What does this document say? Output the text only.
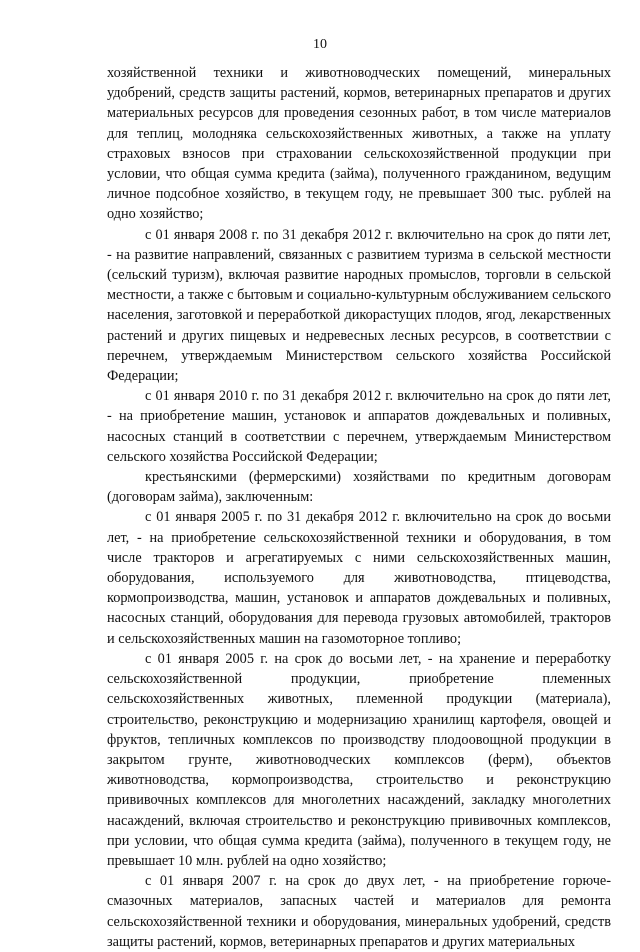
10

хозяйственной техники и животноводческих помещений, минеральных удобрений, средств защиты растений, кормов, ветеринарных препаратов и других материальных ресурсов для проведения сезонных работ, в том числе материалов для теплиц, молодняка сельскохозяйственных животных, а также на уплату страховых взносов при страховании сельскохозяйственной продукции при условии, что общая сумма кредита (займа), полученного гражданином, ведущим личное подсобное хозяйство, в текущем году, не превышает 300 тыс. рублей на одно хозяйство;

с 01 января 2008 г. по 31 декабря 2012 г. включительно на срок до пяти лет, - на развитие направлений, связанных с развитием туризма в сельской местности (сельский туризм), включая развитие народных промыслов, торговли в сельской местности, а также с бытовым и социально-культурным обслуживанием сельского населения, заготовкой и переработкой дикорастущих плодов, ягод, лекарственных растений и других пищевых и недревесных лесных ресурсов, в соответствии с перечнем, утверждаемым Министерством сельского хозяйства Российской Федерации;

с 01 января 2010 г. по 31 декабря 2012 г. включительно на срок до пяти лет, - на приобретение машин, установок и аппаратов дождевальных и поливных, насосных станций в соответствии с перечнем, утверждаемым Министерством сельского хозяйства Российской Федерации;

крестьянскими (фермерскими) хозяйствами по кредитным договорам (договорам займа), заключенным:

с 01 января 2005 г. по 31 декабря 2012 г. включительно на срок до восьми лет, - на приобретение сельскохозяйственной техники и оборудования, в том числе тракторов и агрегатируемых с ними сельскохозяйственных машин, оборудования, используемого для животноводства, птицеводства, кормопроизводства, машин, установок и аппаратов дождевальных и поливных, насосных станций, оборудования для перевода грузовых автомобилей, тракторов и сельскохозяйственных машин на газомоторное топливо;

с 01 января 2005 г. на срок до восьми лет, - на хранение и переработку сельскохозяйственной продукции, приобретение племенных сельскохозяйственных животных, племенной продукции (материала), строительство, реконструкцию и модернизацию хранилищ картофеля, овощей и фруктов, тепличных комплексов по производству плодоовощной продукции в закрытом грунте, животноводческих комплексов (ферм), объектов животноводства, кормопроизводства, строительство и реконструкцию прививочных комплексов для многолетних насаждений, закладку многолетних насаждений, включая строительство и реконструкцию прививочных комплексов, при условии, что общая сумма кредита (займа), полученного в текущем году, не превышает 10 млн. рублей на одно хозяйство;

с 01 января 2007 г. на срок до двух лет, - на приобретение горюче-смазочных материалов, запасных частей и материалов для ремонта сельскохозяйственной техники и оборудования, минеральных удобрений, средств защиты растений, кормов, ветеринарных препаратов и других материальных
